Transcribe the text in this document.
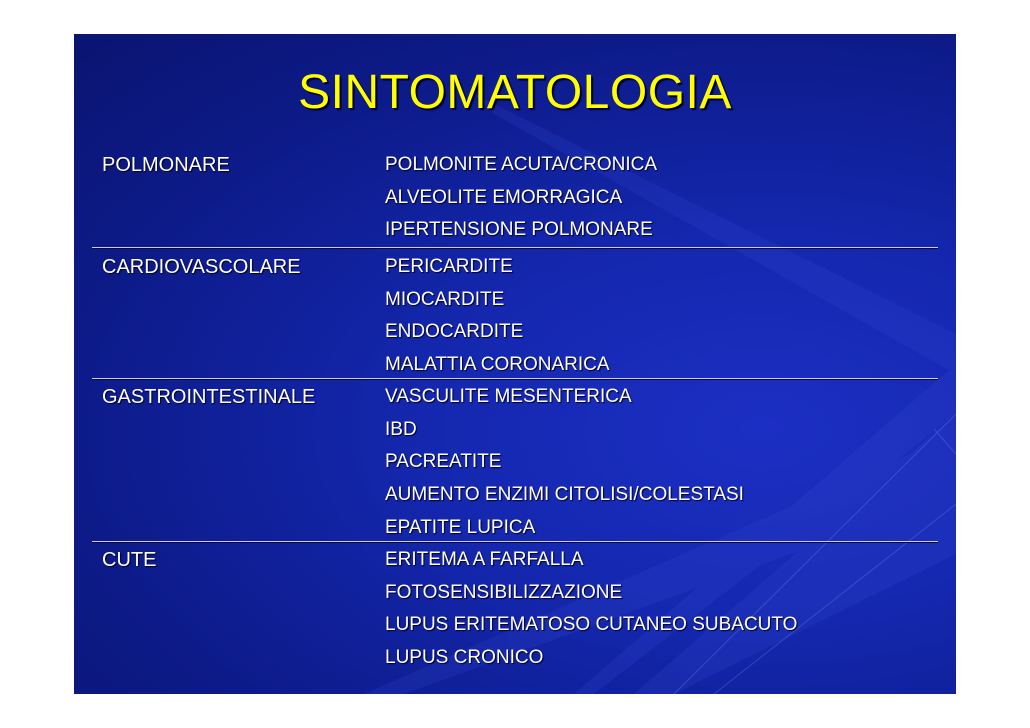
SINTOMATOLOGIA
POLMONARE	POLMONITE ACUTA/CRONICA
ALVEOLITE EMORRAGICA
IPERTENSIONE POLMONARE
CARDIOVASCOLARE	PERICARDITE
MIOCARDITE
ENDOCARDITE
MALATTIA CORONARICA
GASTROINTESTINALE	VASCULITE MESENTERICA
IBD
PACREATITE
AUMENTO ENZIMI CITOLISI/COLESTASI
EPATITE LUPICA
CUTE	ERITEMA A FARFALLA
FOTOSENSIBILIZZAZIONE
LUPUS ERITEMATOSO CUTANEO SUBACUTO
LUPUS CRONICO
